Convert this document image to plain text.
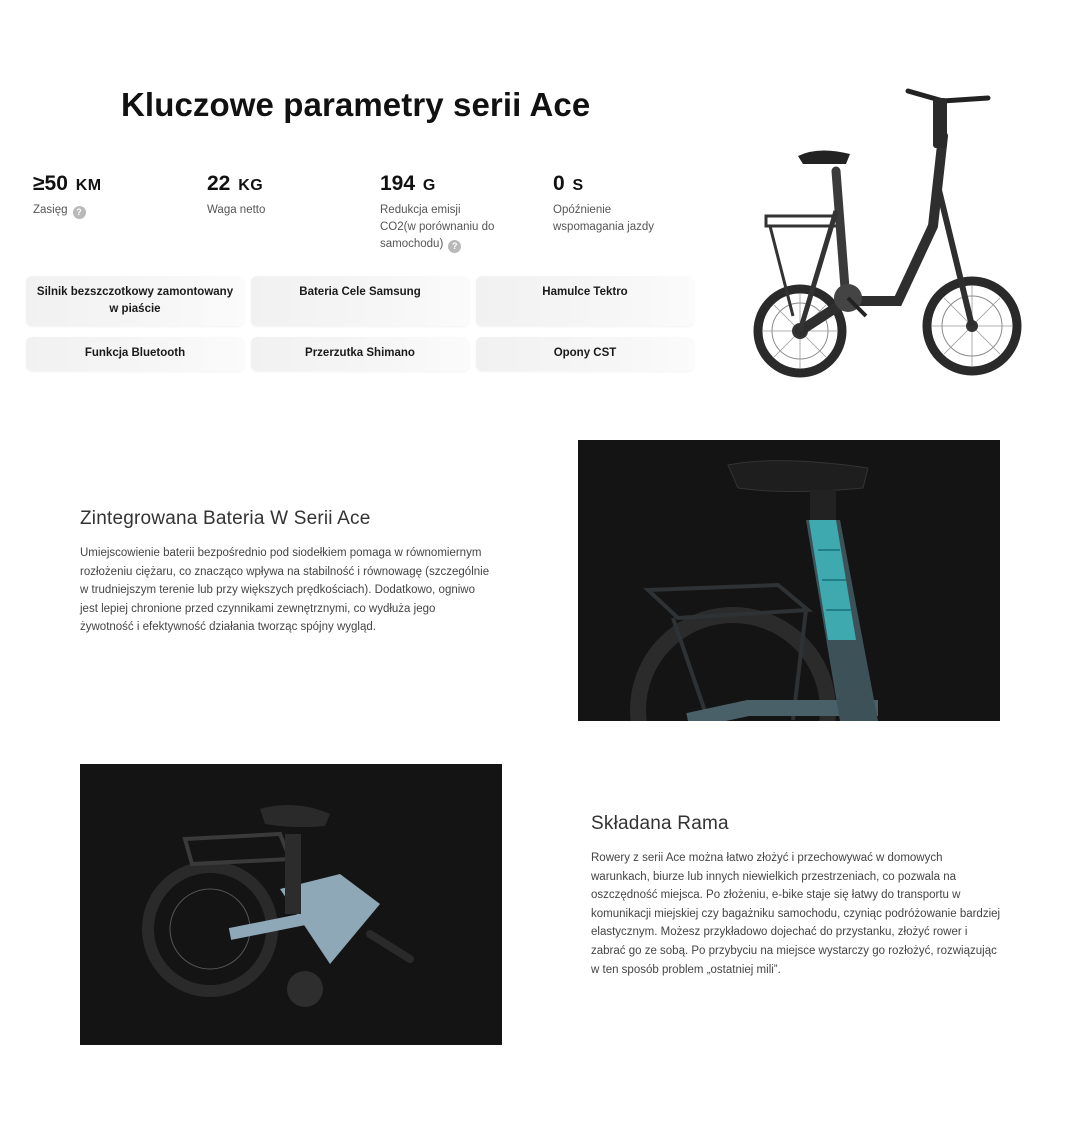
Kluczowe parametry serii Ace
≥50 KM
Zasięg ?
22 KG
Waga netto
194 G
Redukcja emisji CO2(w porównaniu do samochodu) ?
0 S
Opóźnienie wspomagania jazdy
Silnik bezszczotkowy zamontowany w piaście
Bateria Cele Samsung	Hamulce Tektro
Funkcja Bluetooth	Przerzutka Shimano	Opony CST
Zintegrowana Bateria W Serii Ace

Umiejscowienie baterii bezpośrednio pod siodełkiem pomaga w równomiernym rozłożeniu ciężaru, co znacząco wpływa na stabilność i równowagę (szczególnie w trudniejszym terenie lub przy większych prędkościach). Dodatkowo, ogniwo jest lepiej chronione przed czynnikami zewnętrznymi, co wydłuża jego żywotność i efektywność działania tworząc spójny wygląd.

Składana Rama

Rowery z serii Ace można łatwo złożyć i przechowywać w domowych warunkach, biurze lub innych niewielkich przestrzeniach, co pozwala na oszczędność miejsca. Po złożeniu, e-bike staje się łatwy do transportu w komunikacji miejskiej czy bagażniku samochodu, czyniąc podróżowanie bardziej elastycznym. Możesz przykładowo dojechać do przystanku, złożyć rower i zabrać go ze sobą. Po przybyciu na miejsce wystarczy go rozłożyć, rozwiązując w ten sposób problem „ostatniej mili”.
